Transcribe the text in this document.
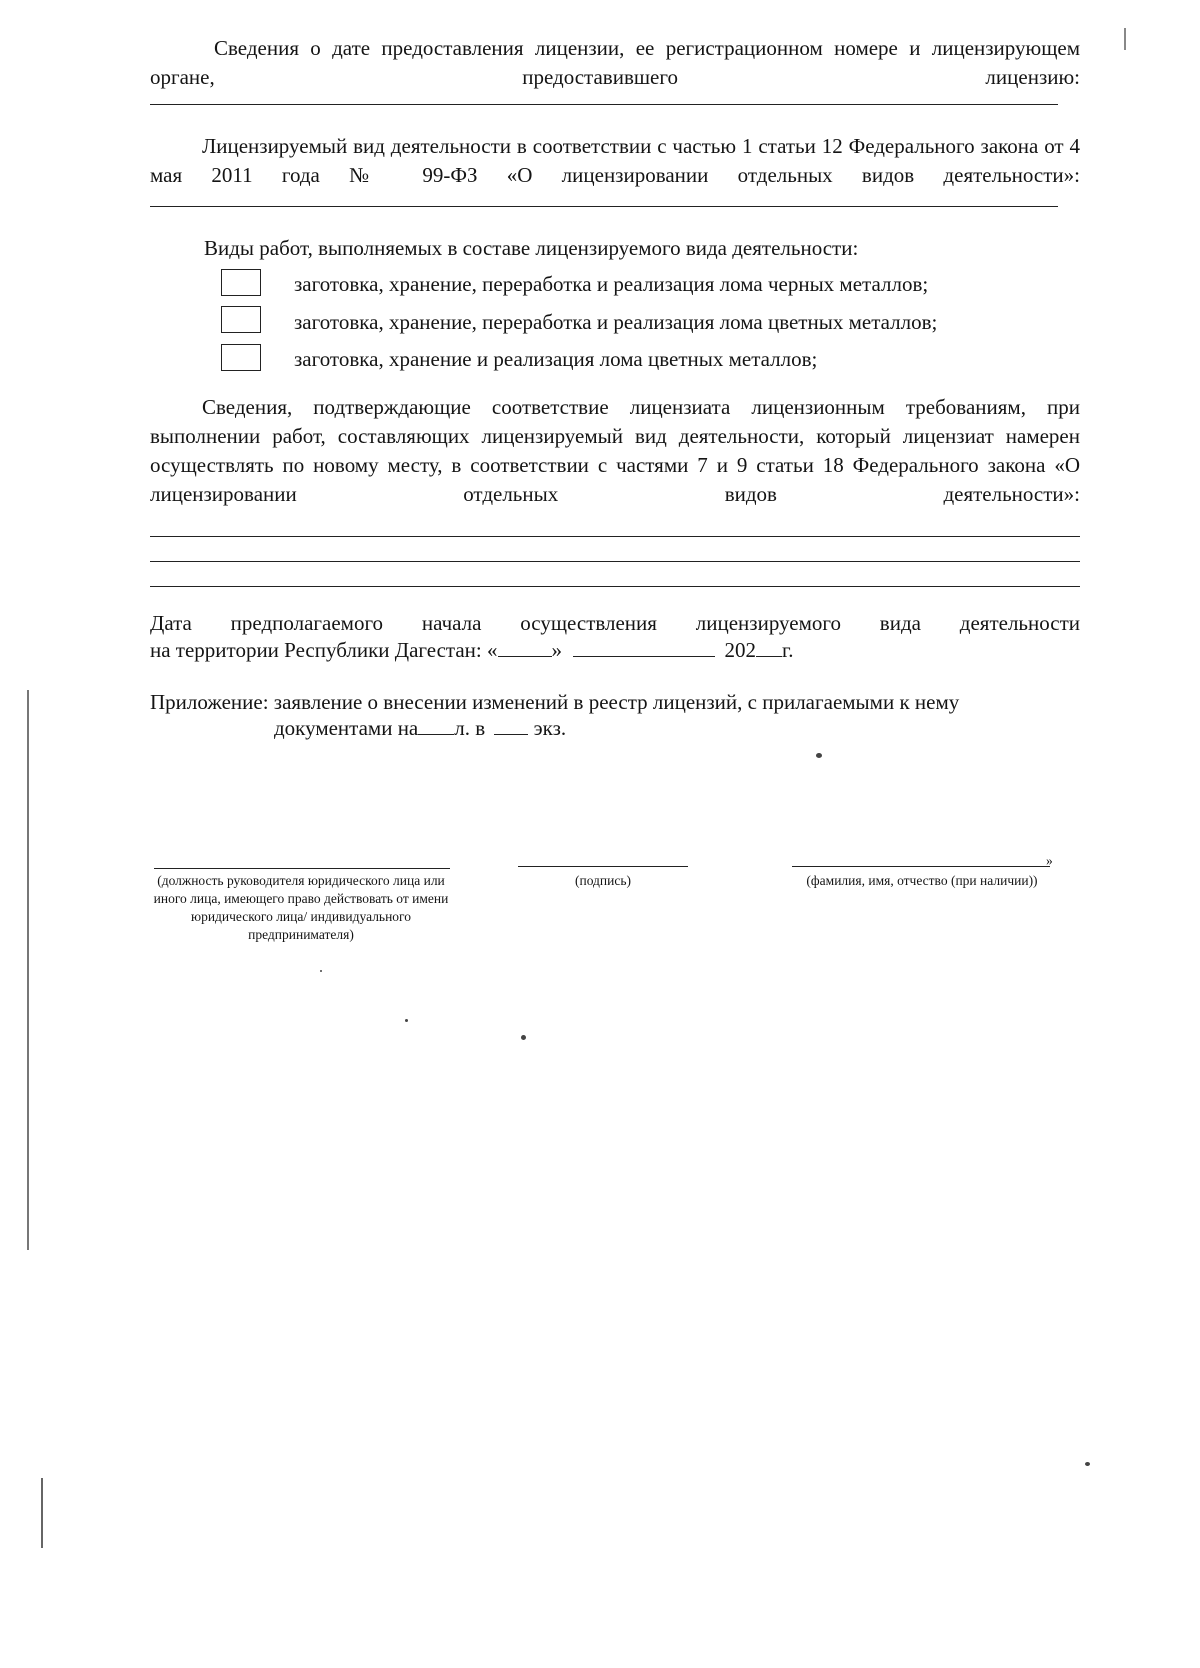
Сведения о дате предоставления лицензии, ее регистрационном номере и лицензирующем органе, предоставившего лицензию:
Лицензируемый вид деятельности в соответствии с частью 1 статьи 12 Федерального закона от 4 мая 2011 года № 99-ФЗ «О лицензировании отдельных видов деятельности»:
Виды работ, выполняемых в составе лицензируемого вида деятельности:
заготовка, хранение, переработка и реализация лома черных металлов;
заготовка, хранение, переработка и реализация лома цветных металлов;
заготовка, хранение и реализация лома цветных металлов;
Сведения, подтверждающие соответствие лицензиата лицензионным требованиям, при выполнении работ, составляющих лицензируемый вид деятельности, который лицензиат намерен осуществлять по новому месту, в соответствии с частями 7 и 9 статьи 18 Федерального закона «О лицензировании отдельных видов деятельности»:
Дата   предполагаемого   начала   осуществления   лицензируемого   вида   деятельности
на территории Республики Дагестан: «	»	202 г.
Приложение: заявление о внесении изменений в реестр лицензий, с прилагаемыми к нему
документами на л. в экз.
(должность руководителя юридического лица или иного лица, имеющего право действовать от имени юридического лица/ индивидуального предпринимателя)
(подпись)
»
(фамилия, имя, отчество (при наличии))
